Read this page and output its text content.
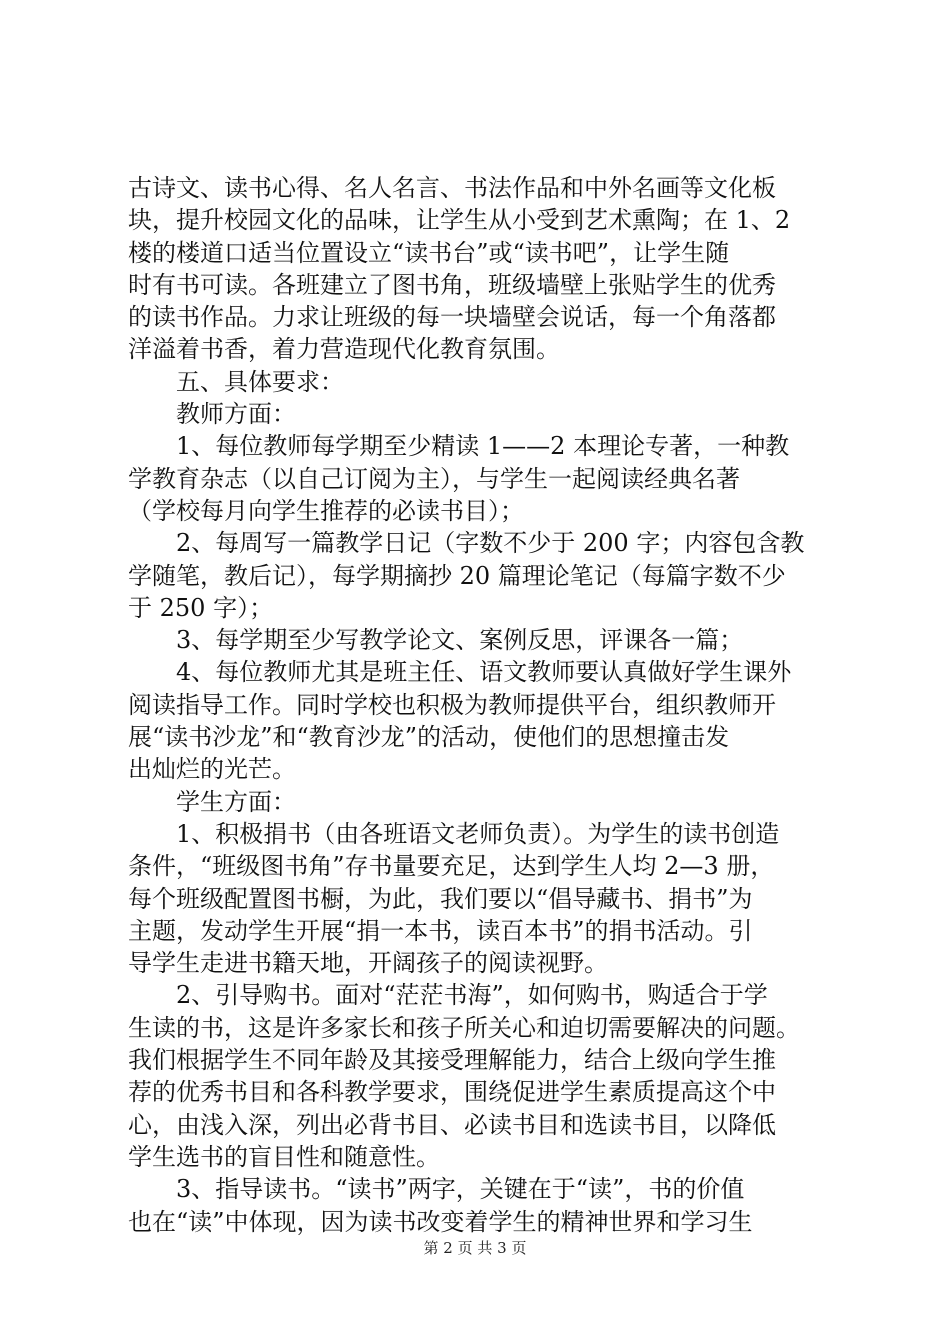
古诗文、读书心得、名人名言、书法作品和中外名画等文化板
块，提升校园文化的品味，让学生从小受到艺术熏陶；在 1、2
楼的楼道口适当位置设立“读书台”或“读书吧”，让学生随
时有书可读。各班建立了图书角，班级墙壁上张贴学生的优秀
的读书作品。力求让班级的每一块墙壁会说话，每一个角落都
洋溢着书香，着力营造现代化教育氛围。
　　五、具体要求：
　　教师方面：
　　1、每位教师每学期至少精读 1——2 本理论专著，一种教
学教育杂志（以自己订阅为主），与学生一起阅读经典名著
（学校每月向学生推荐的必读书目）；
　　2、每周写一篇教学日记（字数不少于 200 字；内容包含教
学随笔，教后记），每学期摘抄 20 篇理论笔记（每篇字数不少
于 250 字）；
　　3、每学期至少写教学论文、案例反思，评课各一篇；
　　4、每位教师尤其是班主任、语文教师要认真做好学生课外
阅读指导工作。同时学校也积极为教师提供平台，组织教师开
展“读书沙龙”和“教育沙龙”的活动，使他们的思想撞击发
出灿烂的光芒。
　　学生方面：
　　1、积极捐书（由各班语文老师负责）。为学生的读书创造
条件，“班级图书角”存书量要充足，达到学生人均 2—3 册，
每个班级配置图书橱，为此，我们要以“倡导藏书、捐书”为
主题，发动学生开展“捐一本书，读百本书”的捐书活动。引
导学生走进书籍天地，开阔孩子的阅读视野。
　　2、引导购书。面对“茫茫书海”，如何购书，购适合于学
生读的书，这是许多家长和孩子所关心和迫切需要解决的问题。
我们根据学生不同年龄及其接受理解能力，结合上级向学生推
荐的优秀书目和各科教学要求，围绕促进学生素质提高这个中
心，由浅入深，列出必背书目、必读书目和选读书目，以降低
学生选书的盲目性和随意性。
　　3、指导读书。“读书”两字，关键在于“读”，书的价值
也在“读”中体现，因为读书改变着学生的精神世界和学习生
第 2 页 共 3 页
